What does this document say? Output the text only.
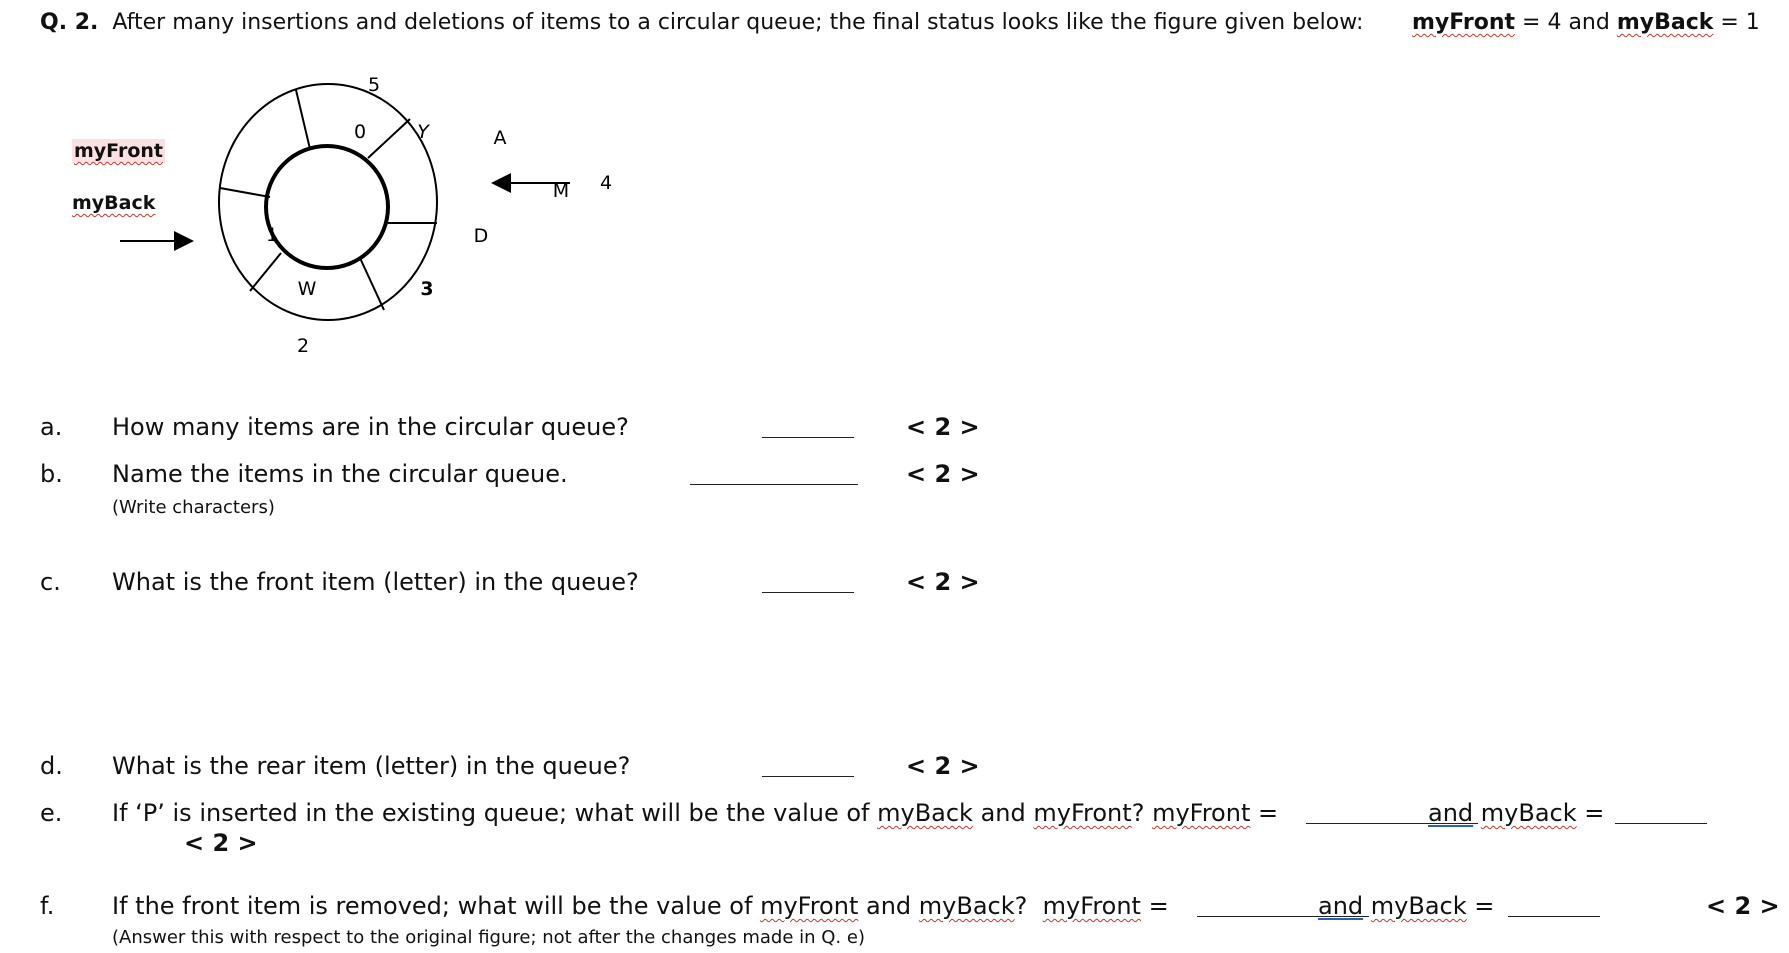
Q. 2. After many insertions and deletions of items to a circular queue; the final status looks like the figure given below: myFront = 4 and myBack = 1
myFront
myBack
5
0
4
1
3
2
Y	A
M
D
W
a. How many items are in the circular queue?	< 2 >
b. Name the items in the circular queue.
(Write characters)
< 2 >
c. What is the front item (letter) in the queue?	< 2 >
d. What is the rear item (letter) in the queue?	< 2 >
e. If ‘P’ is inserted in the existing queue; what will be the value of myBack and myFront? myFront =	and myBack =
< 2 >
f. If the front item is removed; what will be the value of myFront and myBack? myFront =	and myBack =	< 2 >
(Answer this with respect to the original figure; not after the changes made in Q. e)
